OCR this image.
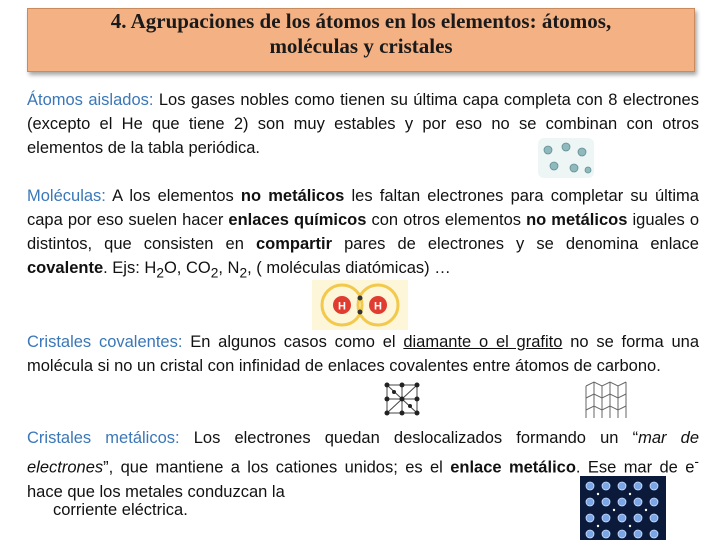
4. Agrupaciones de los átomos en los elementos: átomos,
moléculas y cristales
Átomos aislados: Los gases nobles como tienen su última capa completa con 8 electrones (excepto el He que tiene 2) son muy estables y por eso no se combinan con otros elementos de la tabla periódica.
Moléculas: A los elementos no metálicos les faltan electrones para completar su última capa por eso suelen hacer enlaces químicos con otros elementos no metálicos iguales o distintos, que consisten en compartir pares de electrones y se denomina enlace covalente. Ejs: $H_2O$, $CO_2$, $N_2$, ( moléculas diatómicas) …
H	H
Cristales covalentes: En algunos casos como el diamante o el grafito no se forma una molécula si no un cristal con infinidad de enlaces covalentes entre átomos de carbono.
Cristales metálicos: Los electrones quedan deslocalizados formando un “mar de electrones”, que mantiene a los cationes unidos; es el enlace metálico. Ese mar de e- hace que los metales conduzcan la
corriente eléctrica.
